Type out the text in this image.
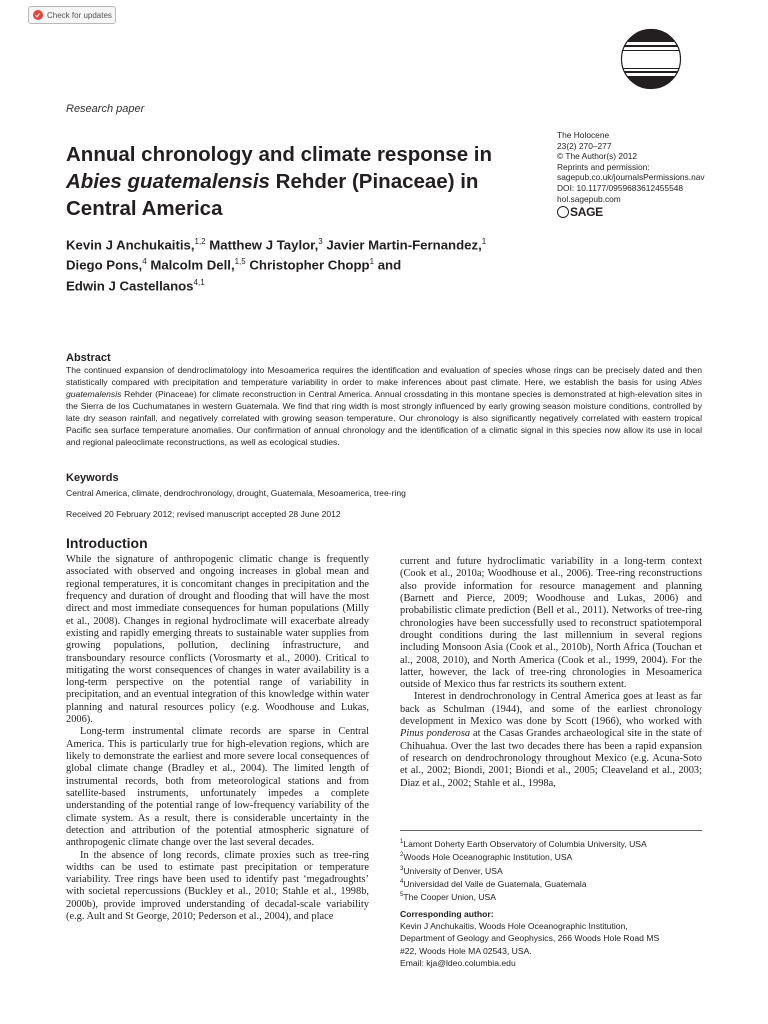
Check for updates
Research paper
Annual chronology and climate response in Abies guatemalensis Rehder (Pinaceae) in Central America
The Holocene
23(2) 270–277
© The Author(s) 2012
Reprints and permission:
sagepub.co.uk/journalsPermissions.nav
DOI: 10.1177/0959683612455548
hol.sagepub.com
SAGE
Kevin J Anchukaitis,$^{1,2}$ Matthew J Taylor,$^3$ Javier Martin-Fernandez,$^1$
Diego Pons,$^4$ Malcolm Dell,$^{1,5}$ Christopher Chopp$^1$ and
Edwin J Castellanos$^{4,1}$
Abstract
The continued expansion of dendroclimatology into Mesoamerica requires the identification and evaluation of species whose rings can be precisely dated and then statistically compared with precipitation and temperature variability in order to make inferences about past climate. Here, we establish the basis for using Abies guatemalensis Rehder (Pinaceae) for climate reconstruction in Central America. Annual crossdating in this montane species is demonstrated at high-elevation sites in the Sierra de los Cuchumatanes in western Guatemala. We find that ring width is most strongly influenced by early growing season moisture conditions, controlled by late dry season rainfall, and negatively correlated with growing season temperature. Our chronology is also significantly negatively correlated with eastern tropical Pacific sea surface temperature anomalies. Our confirmation of annual chronology and the identification of a climatic signal in this species now allow its use in local and regional paleoclimate reconstructions, as well as ecological studies.
Keywords
Central America, climate, dendrochronology, drought, Guatemala, Mesoamerica, tree-ring
Received 20 February 2012; revised manuscript accepted 28 June 2012
Introduction

While the signature of anthropogenic climatic change is frequently associated with observed and ongoing increases in global mean and regional temperatures, it is concomitant changes in precipitation and the frequency and duration of drought and flooding that will have the most direct and most immediate consequences for human populations (Milly et al., 2008). Changes in regional hydroclimate will exacerbate already existing and rapidly emerging threats to sustainable water supplies from growing populations, pollution, declining infrastructure, and transboundary resource conflicts (Vorosmarty et al., 2000). Critical to mitigating the worst consequences of changes in water availability is a long-term perspective on the potential range of variability in precipitation, and an eventual integration of this knowledge within water planning and natural resources policy (e.g. Woodhouse and Lukas, 2006).

Long-term instrumental climate records are sparse in Central America. This is particularly true for high-elevation regions, which are likely to demonstrate the earliest and more severe local consequences of global climate change (Bradley et al., 2004). The limited length of instrumental records, both from meteorological stations and from satellite-based instruments, unfortunately impedes a complete understanding of the potential range of low-frequency variability of the climate system. As a result, there is considerable uncertainty in the detection and attribution of the potential atmospheric signature of anthropogenic climate change over the last several decades.

In the absence of long records, climate proxies such as tree-ring widths can be used to estimate past precipitation or temperature variability. Tree rings have been used to identify past ‘megadroughts’ with societal repercussions (Buckley et al., 2010; Stahle et al., 1998b, 2000b), provide improved understanding of decadal-scale variability (e.g. Ault and St George, 2010; Pederson et al., 2004), and place

current and future hydroclimatic variability in a long-term context (Cook et al., 2010a; Woodhouse et al., 2006). Tree-ring reconstructions also provide information for resource management and planning (Barnett and Pierce, 2009; Woodhouse and Lukas, 2006) and probabilistic climate prediction (Bell et al., 2011). Networks of tree-ring chronologies have been successfully used to reconstruct spatiotemporal drought conditions during the last millennium in several regions including Monsoon Asia (Cook et al., 2010b), North Africa (Touchan et al., 2008, 2010), and North America (Cook et al., 1999, 2004). For the latter, however, the lack of tree-ring chronologies in Mesoamerica outside of Mexico thus far restricts its southern extent.

Interest in dendrochronology in Central America goes at least as far back as Schulman (1944), and some of the earliest chronology development in Mexico was done by Scott (1966), who worked with Pinus ponderosa at the Casas Grandes archaeological site in the state of Chihuahua. Over the last two decades there has been a rapid expansion of research on dendrochronology throughout Mexico (e.g. Acuna-Soto et al., 2002; Biondi, 2001; Biondi et al., 2005; Cleaveland et al., 2003; Diaz et al., 2002; Stahle et al., 1998a,

$^1$Lamont Doherty Earth Observatory of Columbia University, USA
$^2$Woods Hole Oceanographic Institution, USA
$^3$University of Denver, USA
$^4$Universidad del Valle de Guatemala, Guatemala
$^5$The Cooper Union, USA
Corresponding author:
Kevin J Anchukaitis, Woods Hole Oceanographic Institution,
Department of Geology and Geophysics, 266 Woods Hole Road MS
#22, Woods Hole MA 02543, USA.
Email: kja@ldeo.columbia.edu
